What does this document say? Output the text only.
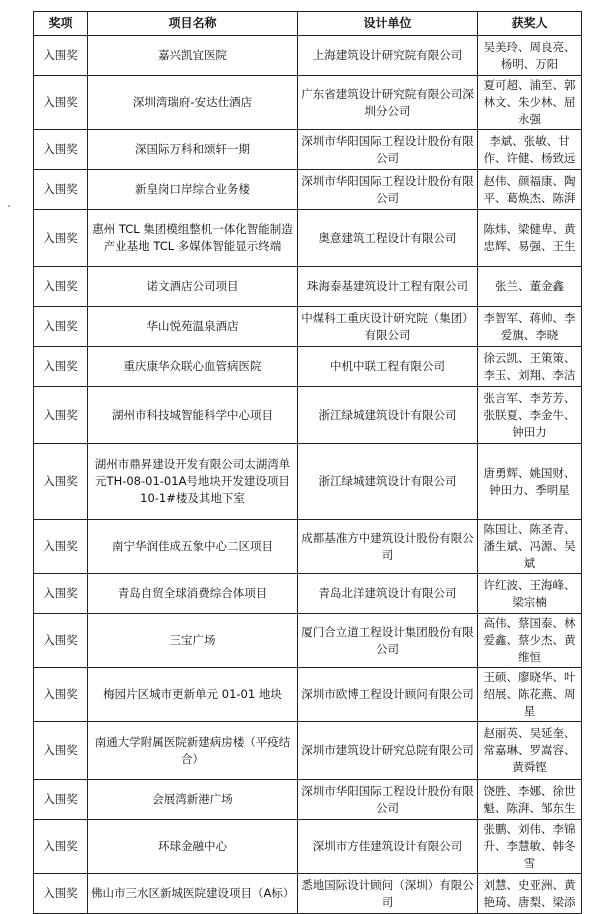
奖项	项目名称	设计单位	获奖人
入围奖	嘉兴凯宜医院	上海建筑设计研究院有限公司	吴美玲、周良亮、杨明、万阳
入围奖	深圳湾瑞府-安达仕酒店	广东省建筑设计研究院有限公司深圳分公司	夏可超、浦至、郭林文、朱少林、屈永强
入围奖	深国际万科和颂轩一期	深圳市华阳国际工程设计股份有限公司	李斌、张敏、甘作、许健、杨致远
入围奖	新皇岗口岸综合业务楼	深圳市华阳国际工程设计股份有限公司	赵伟、颜福康、陶平、葛焕杰、陈湃
入围奖	惠州 TCL 集团模组整机一体化智能制造产业基地 TCL 多媒体智能显示终端	奥意建筑工程设计有限公司	陈炜、梁健卑、黄忠辉、易强、王生
入围奖	诺文酒店公司项目	珠海泰基建筑设计工程有限公司	张兰、董金鑫
入围奖	华山悦苑温泉酒店	中煤科工重庆设计研究院（集团）有限公司	李智军、蒋帅、李爱旗、李晓
入围奖	重庆康华众联心血管病医院	中机中联工程有限公司	徐云凯、王策策、李玉、刘翔、李洁
入围奖	湖州市科技城智能科学中心项目	浙江绿城建筑设计有限公司	张言军、李芳芳、张朕夏、李金牛、钟田力
入围奖	湖州市鼎昇建设开发有限公司太湖湾单元TH-08-01-01A号地块开发建设项目 10-1#楼及其地下室	浙江绿城建筑设计有限公司	唐勇辉、姚国财、钟田力、季明星
入围奖	南宁华润佳成五象中心二区项目	成都基准方中建筑设计股份有限公司	陈国让、陈圣青、潘生斌、冯源、吴斌
入围奖	青岛自贸全球消费综合体项目	青岛北洋建筑设计有限公司	许红波、王海峰、梁宗楠
入围奖	三宝广场	厦门合立道工程设计集团股份有限公司	高伟、蔡国泰、林爱鑫、蔡少杰、黄维恒
入围奖	梅园片区城市更新单元 01-01 地块	深圳市欧博工程设计顾问有限公司	王硕、廖晓华、叶绍展、陈花燕、周星
入围奖	南通大学附属医院新建病房楼（平疫结合）	深圳市建筑设计研究总院有限公司	赵丽英、吴延奎、常嘉琳、罗嵩容、黄舜铿
入围奖	会展湾新港广场	深圳市华阳国际工程设计股份有限公司	饶胜、李娜、徐世魁、陈湃、邹东生
入围奖	环球金融中心	深圳市方佳建筑设计有限公司	张鹏、刘伟、李锦升、李慧敏、韩冬雪
入围奖	佛山市三水区新城医院建设项目（A标）	悉地国际设计顾问（深圳）有限公司	刘慧、史亚洲、黄艳琦、唐梨、梁添
